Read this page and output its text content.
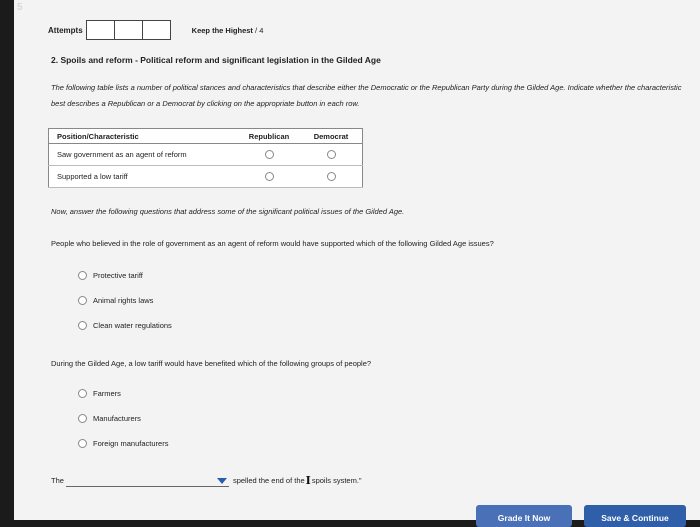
5
Attempts	Keep the Highest / 4
2. Spoils and reform - Political reform and significant legislation in the Gilded Age
The following table lists a number of political stances and characteristics that describe either the Democratic or the Republican Party during the Gilded Age. Indicate whether the characteristic best describes a Republican or a Democrat by clicking on the appropriate button in each row.
Position/Characteristic	Republican	Democrat
Saw government as an agent of reform		
Supported a low tariff		
Now, answer the following questions that address some of the significant political issues of the Gilded Age.
People who believed in the role of government as an agent of reform would have supported which of the following Gilded Age issues?
Protective tariff
Animal rights laws
Clean water regulations
During the Gilded Age, a low tariff would have benefited which of the following groups of people?
Farmers
Manufacturers
Foreign manufacturers
The	spelled the end of the I spoils system."
Grade It Now	Save & Continue
